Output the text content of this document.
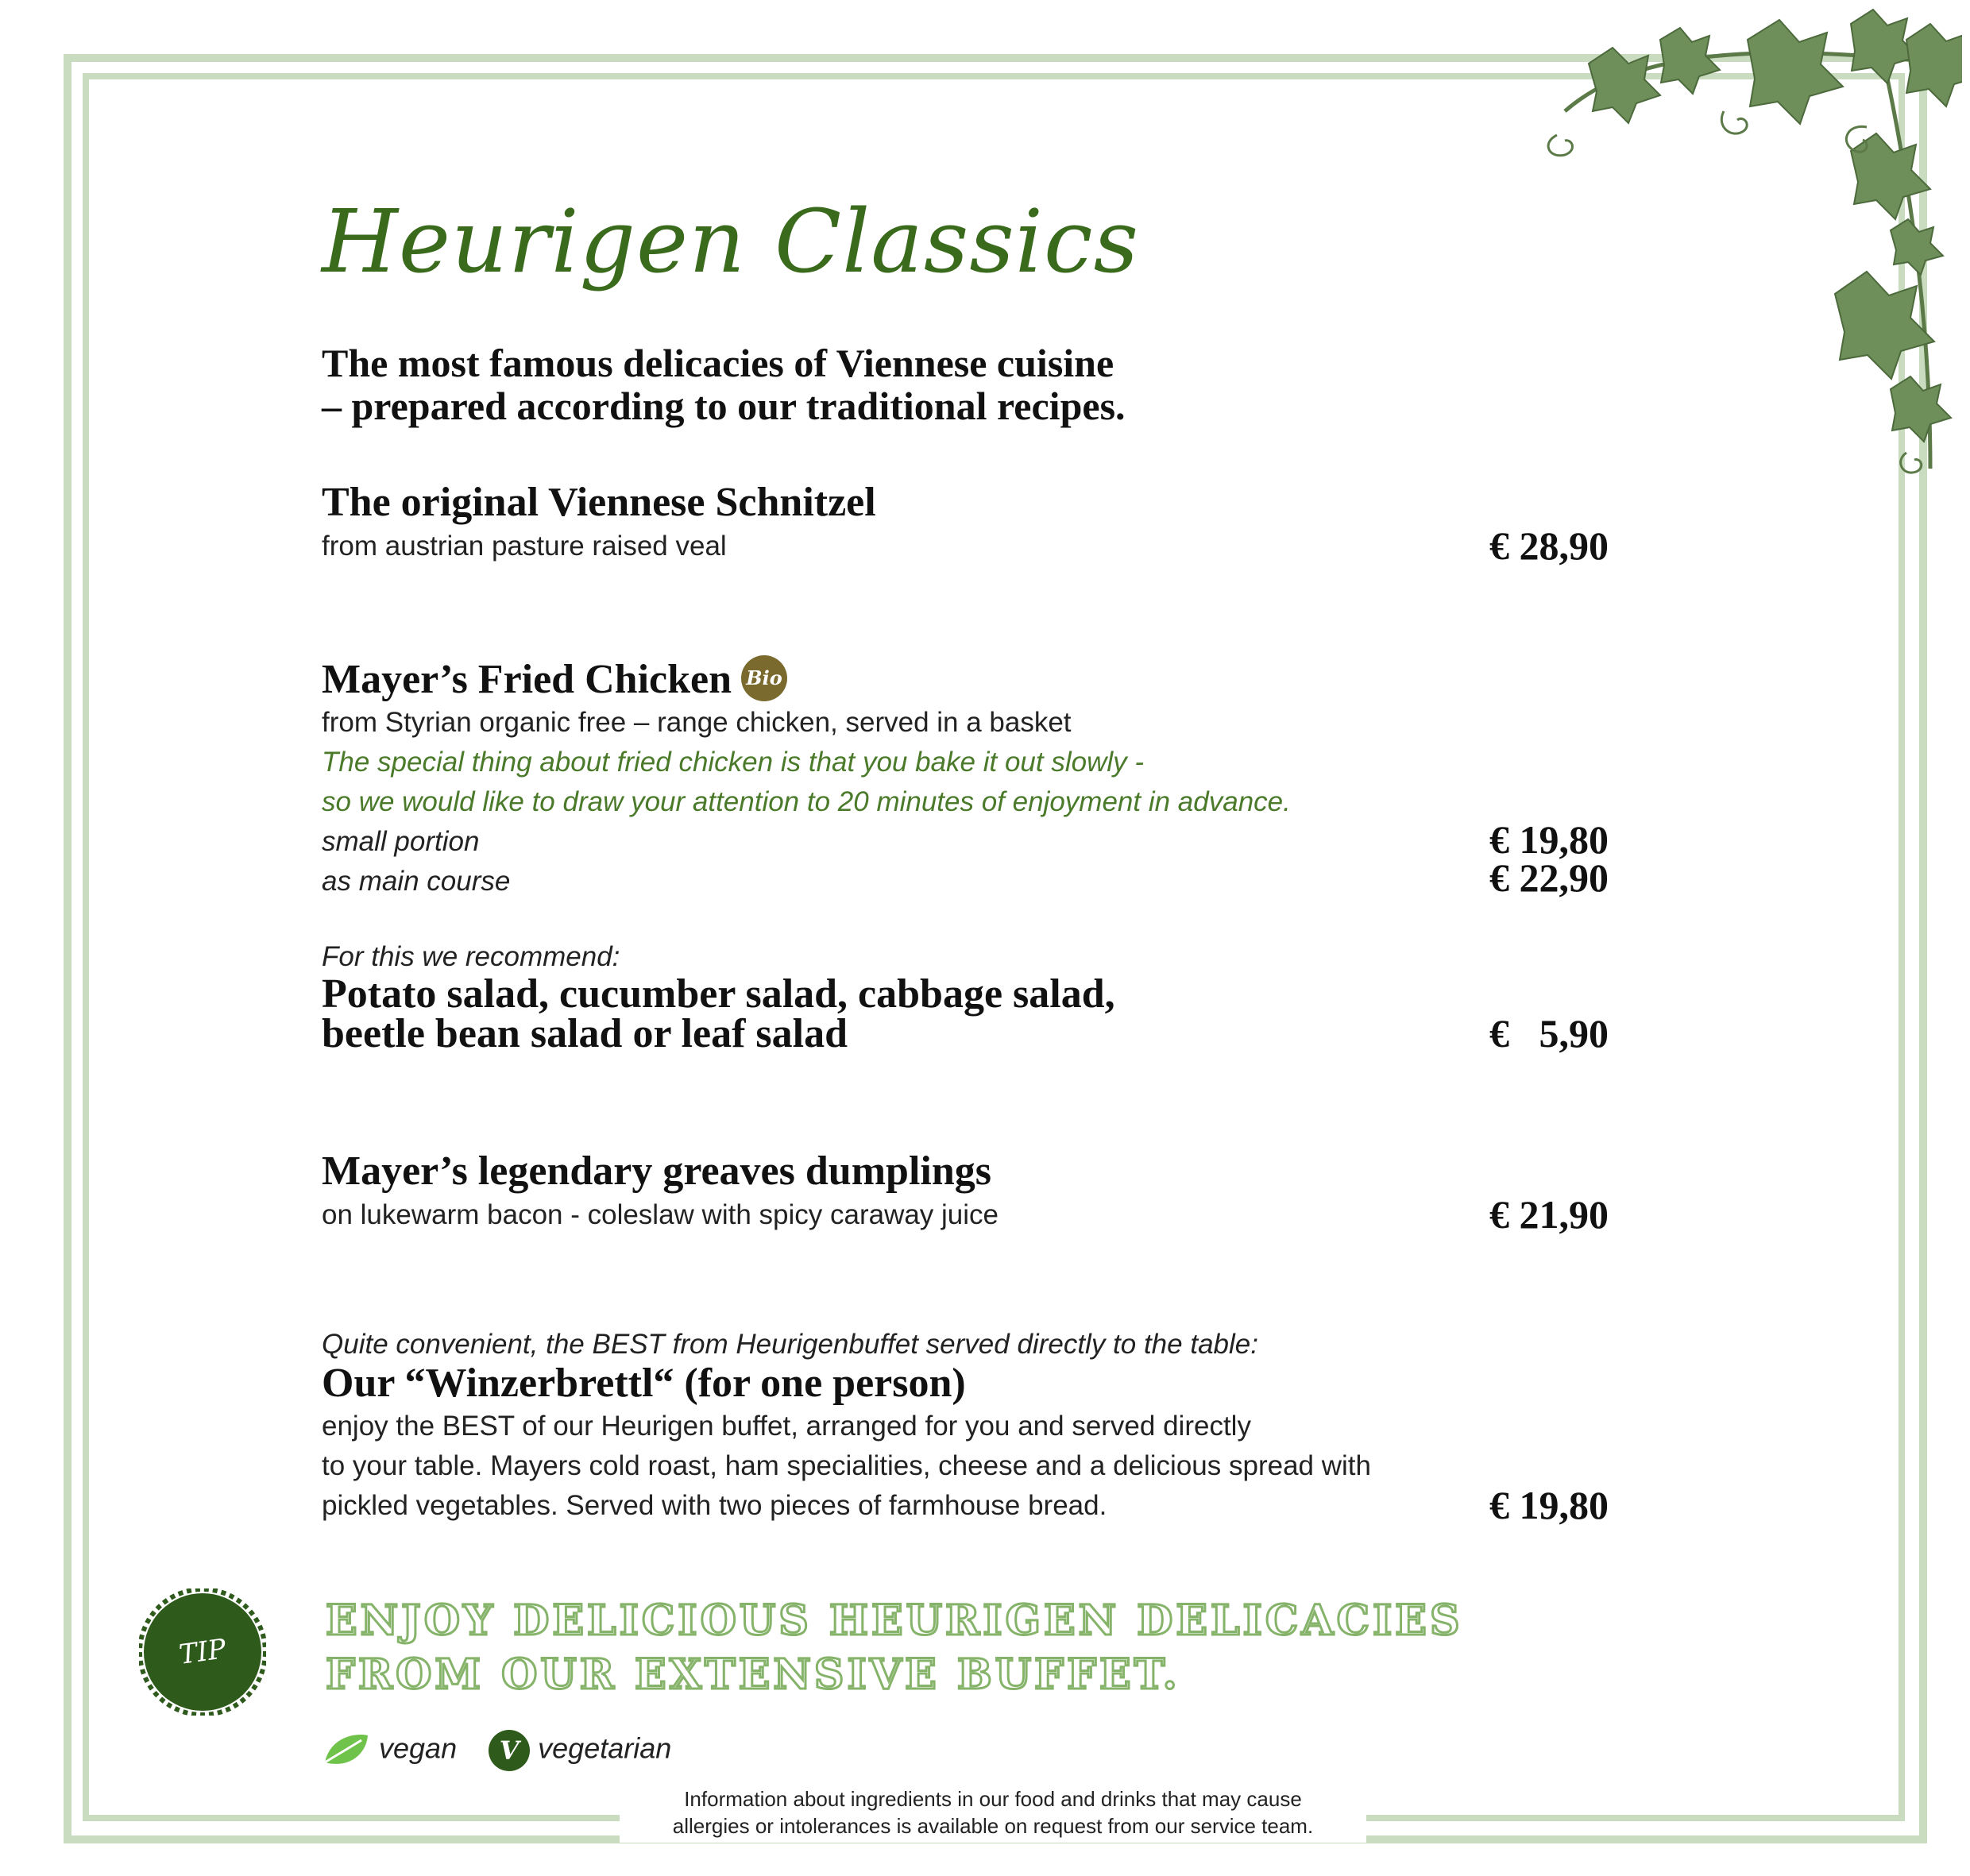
Heurigen Classics
The most famous delicacies of Viennese cuisine
– prepared according to our traditional recipes.
The original Viennese Schnitzel
from austrian pasture raised veal	€ 28,90
Mayer’s Fried Chicken Bio
from Styrian organic free – range chicken, served in a basket
The special thing about fried chicken is that you bake it out slowly -
so we would like to draw your attention to 20 minutes of enjoyment in advance.
small portion	€ 19,80
as main course	€ 22,90
For this we recommend:
Potato salad, cucumber salad, cabbage salad,
beetle bean salad or leaf salad	€   5,90
Mayer’s legendary greaves dumplings
on lukewarm bacon - coleslaw with spicy caraway juice	€ 21,90
Quite convenient, the BEST from Heurigenbuffet served directly to the table:
Our “Winzerbrettl“ (for one person)
enjoy the BEST of our Heurigen buffet, arranged for you and served directly
to your table. Mayers cold roast, ham specialities, cheese and a delicious spread with
pickled vegetables. Served with two pieces of farmhouse bread.	€ 19,80
TIP
ENJOY DELICIOUS HEURIGEN DELICACIES
FROM OUR EXTENSIVE BUFFET.
vegan V vegetarian
Information about ingredients in our food and drinks that may cause
allergies or intolerances is available on request from our service team.
